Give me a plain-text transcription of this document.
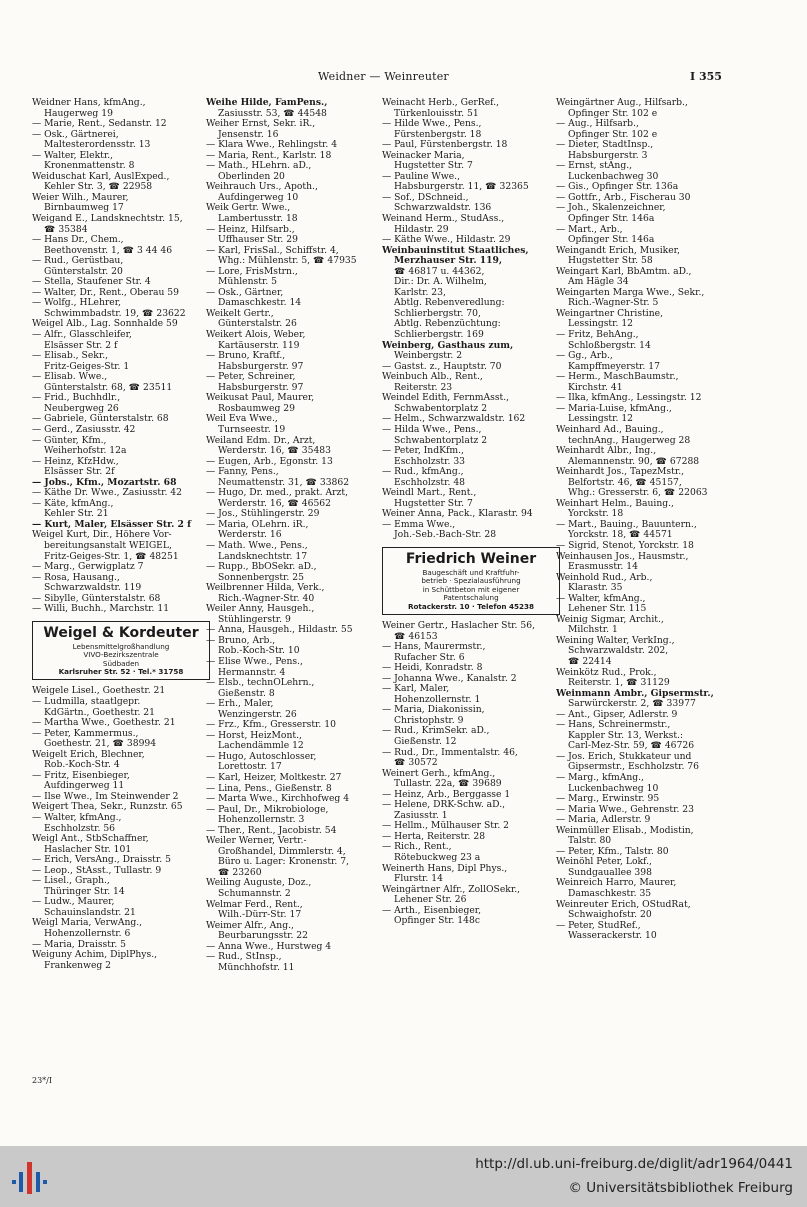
Weidner — Weinreuter	I 355
Weidner Hans, kfmAng.,
Haugerweg 19
— Marie, Rent., Sedanstr. 12
— Osk., Gärtnerei,
Maltesterordensstr. 13
— Walter, Elektr.,
Kronenmattenstr. 8
Weiduschat Karl, AuslExped.,
Kehler Str. 3, ☎ 22958
Weier Wilh., Maurer,
Birnbaumweg 17
Weigand E., Landsknechtstr. 15,
☎ 35384
— Hans Dr., Chem.,
Beethovenstr. 1, ☎ 3 44 46
— Rud., Gerüstbau,
Günterstalstr. 20
— Stella, Staufener Str. 4
— Walter, Dr., Rent., Oberau 59
— Wolfg., HLehrer,
Schwimmbadstr. 19, ☎ 23622
Weigel Alb., Lag. Sonnhalde 59
— Alfr., Glasschleifer,
Elsässer Str. 2 f
— Elisab., Sekr.,
Fritz-Geiges-Str. 1
— Elisab. Wwe.,
Günterstalstr. 68, ☎ 23511
— Frid., Buchhdlr.,
Neubergweg 26
— Gabriele, Günterstalstr. 68
— Gerd., Zasiusstr. 42
— Günter, Kfm.,
Weiherhofstr. 12a
— Heinz, KfzHdw.,
Elsässer Str. 2f
— Jobs., Kfm., Mozartstr. 68
— Käthe Dr. Wwe., Zasiusstr. 42
— Käte, kfmAng.,
Kehler Str. 21
— Kurt, Maler, Elsässer Str. 2 f
Weigel Kurt, Dir., Höhere Vor-
bereitungsanstalt WEIGEL,
Fritz-Geiges-Str. 1, ☎ 48251
— Marg., Gerwigplatz 7
— Rosa, Hausang.,
Schwarzwaldstr. 119
— Sibylle, Günterstalstr. 68
— Willi, Buchh., Marchstr. 11
Weigel & Kordeuter
Lebensmittelgroßhandlung
VIVO-Bezirkszentrale
Südbaden
Karlsruher Str. 52 · Tel.* 31758
Weigele Lisel., Goethestr. 21
— Ludmilla, staatlgepr.
KdGärtn., Goethestr. 21
— Martha Wwe., Goethestr. 21
— Peter, Kammermus.,
Goethestr. 21, ☎ 38994
Weigelt Erich, Blechner,
Rob.-Koch-Str. 4
— Fritz, Eisenbieger,
Aufdingerweg 11
— Ilse Wwe., Im Steinwender 2
Weigert Thea, Sekr., Runzstr. 65
— Walter, kfmAng.,
Eschholzstr. 56
Weigl Ant., StbSchaffner,
Haslacher Str. 101
— Erich, VersAng., Draisstr. 5
— Leop., StAsst., Tullastr. 9
— Lisel., Graph.,
Thüringer Str. 14
— Ludw., Maurer,
Schauinslandstr. 21
Weigl Maria, VerwAng.,
Hohenzollernstr. 6
— Maria, Draisstr. 5
Weiguny Achim, DiplPhys.,
Frankenweg 2
Weihe Hilde, FamPens.,
Zasiusstr. 53, ☎ 44548
Weiher Ernst, Sekr. iR.,
Jensenstr. 16
— Klara Wwe., Rehlingstr. 4
— Maria, Rent., Karlstr. 18
— Math., HLehrn. aD.,
Oberlinden 20
Weihrauch Urs., Apoth.,
Aufdingerweg 10
Weik Gertr. Wwe.,
Lambertusstr. 18
— Heinz, Hilfsarb.,
Uffhauser Str. 29
— Karl, FrisSal., Schiffstr. 4,
Whg.: Mühlenstr. 5, ☎ 47935
— Lore, FrisMstrn.,
Mühlenstr. 5
— Osk., Gärtner,
Damaschkestr. 14
Weikelt Gertr.,
Günterstalstr. 26
Weikert Alois, Weber,
Kartäuserstr. 119
— Bruno, Kraftf.,
Habsburgerstr. 97
— Peter, Schreiner,
Habsburgerstr. 97
Weikusat Paul, Maurer,
Rosbaumweg 29
Weil Eva Wwe.,
Turnseestr. 19
Weiland Edm. Dr., Arzt,
Werderstr. 16, ☎ 35483
— Eugen, Arb., Egonstr. 13
— Fanny, Pens.,
Neumattenstr. 31, ☎ 33862
— Hugo, Dr. med., prakt. Arzt,
Werderstr. 16, ☎ 46562
— Jos., Stühlingerstr. 29
— Maria, OLehrn. iR.,
Werderstr. 16
— Math. Wwe., Pens.,
Landsknechtstr. 17
— Rupp., BbOSekr. aD.,
Sonnenbergstr. 25
Weilbrenner Hilda, Verk.,
Rich.-Wagner-Str. 40
Weiler Anny, Hausgeh.,
Stühlingerstr. 9
— Anna, Hausgeh., Hildastr. 55
— Bruno, Arb.,
Rob.-Koch-Str. 10
— Elise Wwe., Pens.,
Hermannstr. 4
— Elsb., technOLehrn.,
Gießenstr. 8
— Erh., Maler,
Wenzingerstr. 26
— Frz., Kfm., Gresserstr. 10
— Horst, HeizMont.,
Lachendämmle 12
— Hugo, Autoschlosser,
Lorettostr. 17
— Karl, Heizer, Moltkestr. 27
— Lina, Pens., Gießenstr. 8
— Marta Wwe., Kirchhofweg 4
— Paul, Dr., Mikrobiologe,
Hohenzollernstr. 3
— Ther., Rent., Jacobistr. 54
Weiler Werner, Vertr.-
Großhandel, Dimmlerstr. 4,
Büro u. Lager: Kronenstr. 7,
☎ 23260
Weiling Auguste, Doz.,
Schumannstr. 2
Welmar Ferd., Rent.,
Wilh.-Dürr-Str. 17
Weimer Alfr., Ang.,
Beurbarungsstr. 22
— Anna Wwe., Hurstweg 4
— Rud., StInsp.,
Münchhofstr. 11
Weinacht Herb., GerRef.,
Türkenlouisstr. 51
— Hilde Wwe., Pens.,
Fürstenbergstr. 18
— Paul, Fürstenbergstr. 18
Weinacker Maria,
Hugstetter Str. 7
— Pauline Wwe.,
Habsburgerstr. 11, ☎ 32365
— Sof., DSchneid.,
Schwarzwaldstr. 136
Weinand Herm., StudAss.,
Hildastr. 29
— Käthe Wwe., Hildastr. 29
Weinbauinstitut Staatliches,
Merzhauser Str. 119,
☎ 46817 u. 44362,
Dir.: Dr. A. Wilhelm,
Karlstr. 23,
Abtlg. Rebenveredlung:
Schlierbergstr. 70,
Abtlg. Rebenzüchtung:
Schlierbergstr. 169
Weinberg, Gasthaus zum,
Weinbergstr. 2
— Gastst. z., Hauptstr. 70
Weinbuch Alb., Rent.,
Reiterstr. 23
Weindel Edith, FernmAsst.,
Schwabentorplatz 2
— Helm., Schwarzwaldstr. 162
— Hilda Wwe., Pens.,
Schwabentorplatz 2
— Peter, IndKfm.,
Eschholzstr. 33
— Rud., kfmAng.,
Eschholzstr. 48
Weindl Mart., Rent.,
Hugstetter Str. 7
Weiner Anna, Pack., Klarastr. 94
— Emma Wwe.,
Joh.-Seb.-Bach-Str. 28
Friedrich Weiner
Baugeschäft und Kraftfuhr-
betrieb · Spezialausführung
in Schüttbeton mit eigener
Patentschalung
Rotackerstr. 10 · Telefon 45238
Weiner Gertr., Haslacher Str. 56,
☎ 46153
— Hans, Maurermstr.,
Rufacher Str. 6
— Heidi, Konradstr. 8
— Johanna Wwe., Kanalstr. 2
— Karl, Maler,
Hohenzollernstr. 1
— Maria, Diakonissin,
Christophstr. 9
— Rud., KrimSekr. aD.,
Gießenstr. 12
— Rud., Dr., Immentalstr. 46,
☎ 30572
Weinert Gerh., kfmAng.,
Tullastr. 22a, ☎ 39689
— Heinz, Arb., Berggasse 1
— Helene, DRK-Schw. aD.,
Zasiusstr. 1
— Hellm., Mülhauser Str. 2
— Herta, Reiterstr. 28
— Rich., Rent.,
Rötebuckweg 23 a
Weinerth Hans, Dipl Phys.,
Flurstr. 14
Weingärtner Alfr., ZollOSekr.,
Lehener Str. 26
— Arth., Eisenbieger,
Opfinger Str. 148c
Weingärtner Aug., Hilfsarb.,
Opfinger Str. 102 e
— Aug., Hilfsarb.,
Opfinger Str. 102 e
— Dieter, StadtInsp.,
Habsburgerstr. 3
— Ernst, stAng.,
Luckenbachweg 30
— Gis., Opfinger Str. 136a
— Gottfr., Arb., Fischerau 30
— Joh., Skalenzeichner,
Opfinger Str. 146a
— Mart., Arb.,
Opfinger Str. 146a
Weingandt Erich, Musiker,
Hugstetter Str. 58
Weingart Karl, BbAmtm. aD.,
Am Hägle 34
Weingarten Marga Wwe., Sekr.,
Rich.-Wagner-Str. 5
Weingartner Christine,
Lessingstr. 12
— Fritz, BehAng.,
Schloßbergstr. 14
— Gg., Arb.,
Kampffmeyerstr. 17
— Herm., MaschBaumstr.,
Kirchstr. 41
— Ilka, kfmAng., Lessingstr. 12
— Maria-Luise, kfmAng.,
Lessingstr. 12
Weinhard Ad., Bauing.,
technAng., Haugerweg 28
Weinhardt Albr., Ing.,
Alemannenstr. 90, ☎ 67288
Weinhardt Jos., TapezMstr.,
Belfortstr. 46, ☎ 45157,
Whg.: Gresserstr. 6, ☎ 22063
Weinhart Helm., Bauing.,
Yorckstr. 18
— Mart., Bauing., Bauuntern.,
Yorckstr. 18, ☎ 44571
— Sigrid, Stenot, Yorckstr. 18
Weinhausen Jos., Hausmstr.,
Erasmusstr. 14
Weinhold Rud., Arb.,
Klarastr. 35
— Walter, kfmAng.,
Lehener Str. 115
Weinig Sigmar, Archit.,
Milchstr. 1
Weining Walter, VerkIng.,
Schwarzwaldstr. 202,
☎ 22414
Weinkötz Rud., Prok.,
Reiterstr. 1, ☎ 31129
Weinmann Ambr., Gipsermstr.,
Sarwürckerstr. 2, ☎ 33977
— Ant., Gipser, Adlerstr. 9
— Hans, Schreinermstr.,
Kappler Str. 13, Werkst.:
Carl-Mez-Str. 59, ☎ 46726
— Jos. Erich, Stukkateur und
Gipsermstr., Eschholzstr. 76
— Marg., kfmAng.,
Luckenbachweg 10
— Marg., Erwinstr. 95
— Maria Wwe., Gehrenstr. 23
— Maria, Adlerstr. 9
Weinmüller Elisab., Modistin,
Talstr. 80
— Peter, Kfm., Talstr. 80
Weinöhl Peter, Lokf.,
Sundgauallee 398
Weinreich Harro, Maurer,
Damaschkestr. 35
Weinreuter Erich, OStudRat,
Schwaighofstr. 20
— Peter, StudRef.,
Wasserackerstr. 10
23*/I
http://dl.ub.uni-freiburg.de/diglit/adr1964/0441
© Universitätsbibliothek Freiburg
